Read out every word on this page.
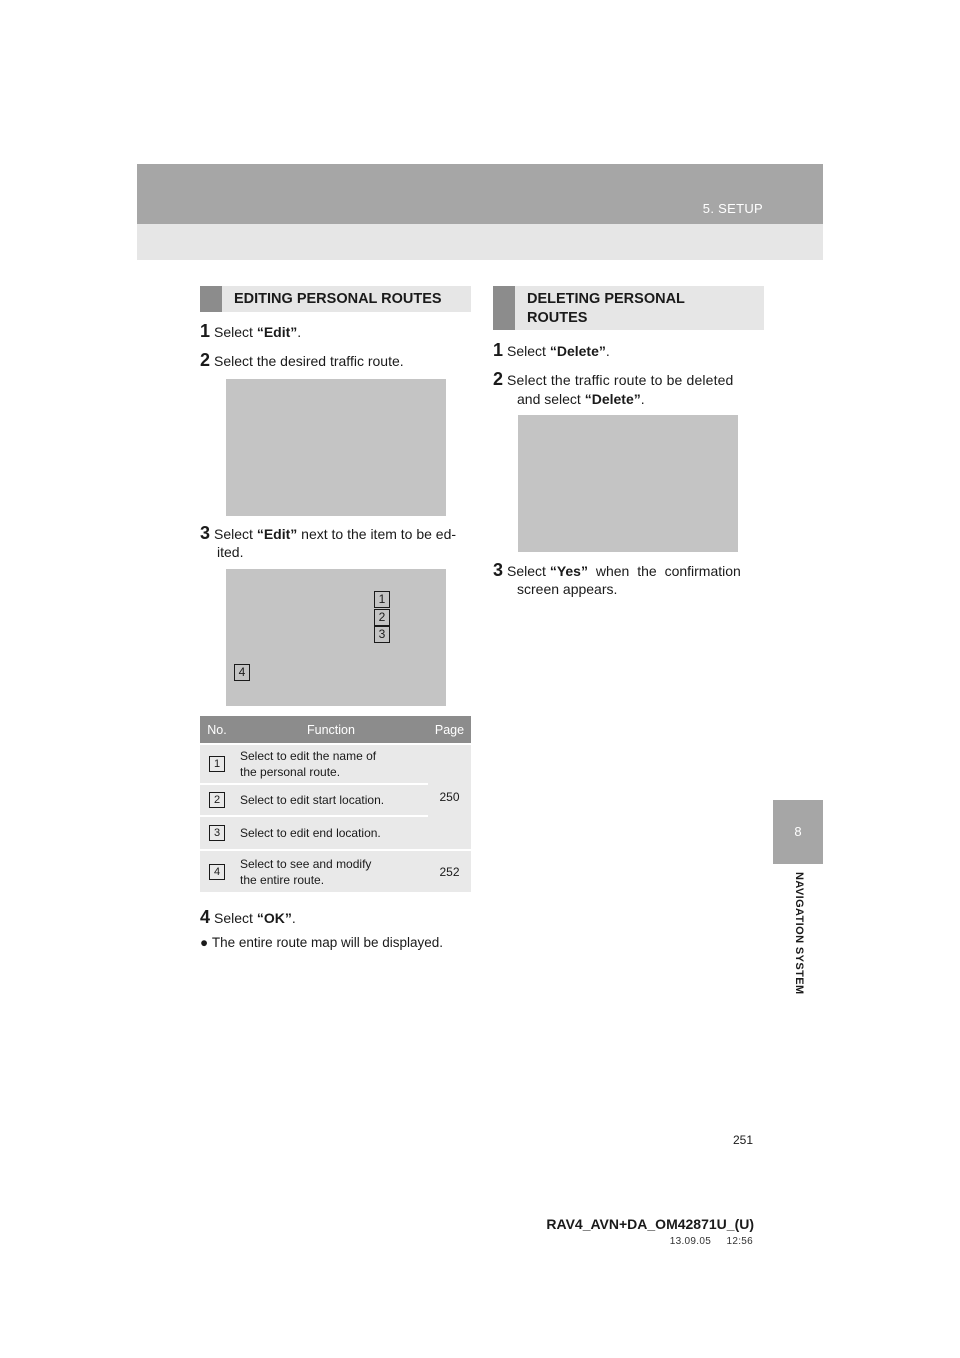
5. SETUP
8
NAVIGATION SYSTEM
EDITING PERSONAL ROUTES
1 Select “Edit”.
2 Select the desired traffic route.
3 Select “Edit” next to the item to be ed-
ited.
1
2
3
4
No.	Function	Page
1	Select to edit the name of
the personal route.	250
2	Select to edit start location.	
3	Select to edit end location.	
4	Select to see and modify
the entire route.	252
4 Select “OK”.
● The entire route map will be displayed.
DELETING PERSONAL
ROUTES
1 Select “Delete”.
2 Select the traffic route to be deleted
and select “Delete”.
3 Select “Yes” when the confirmation
screen appears.
251
RAV4_AVN+DA_OM42871U_(U)
13.09.05     12:56
